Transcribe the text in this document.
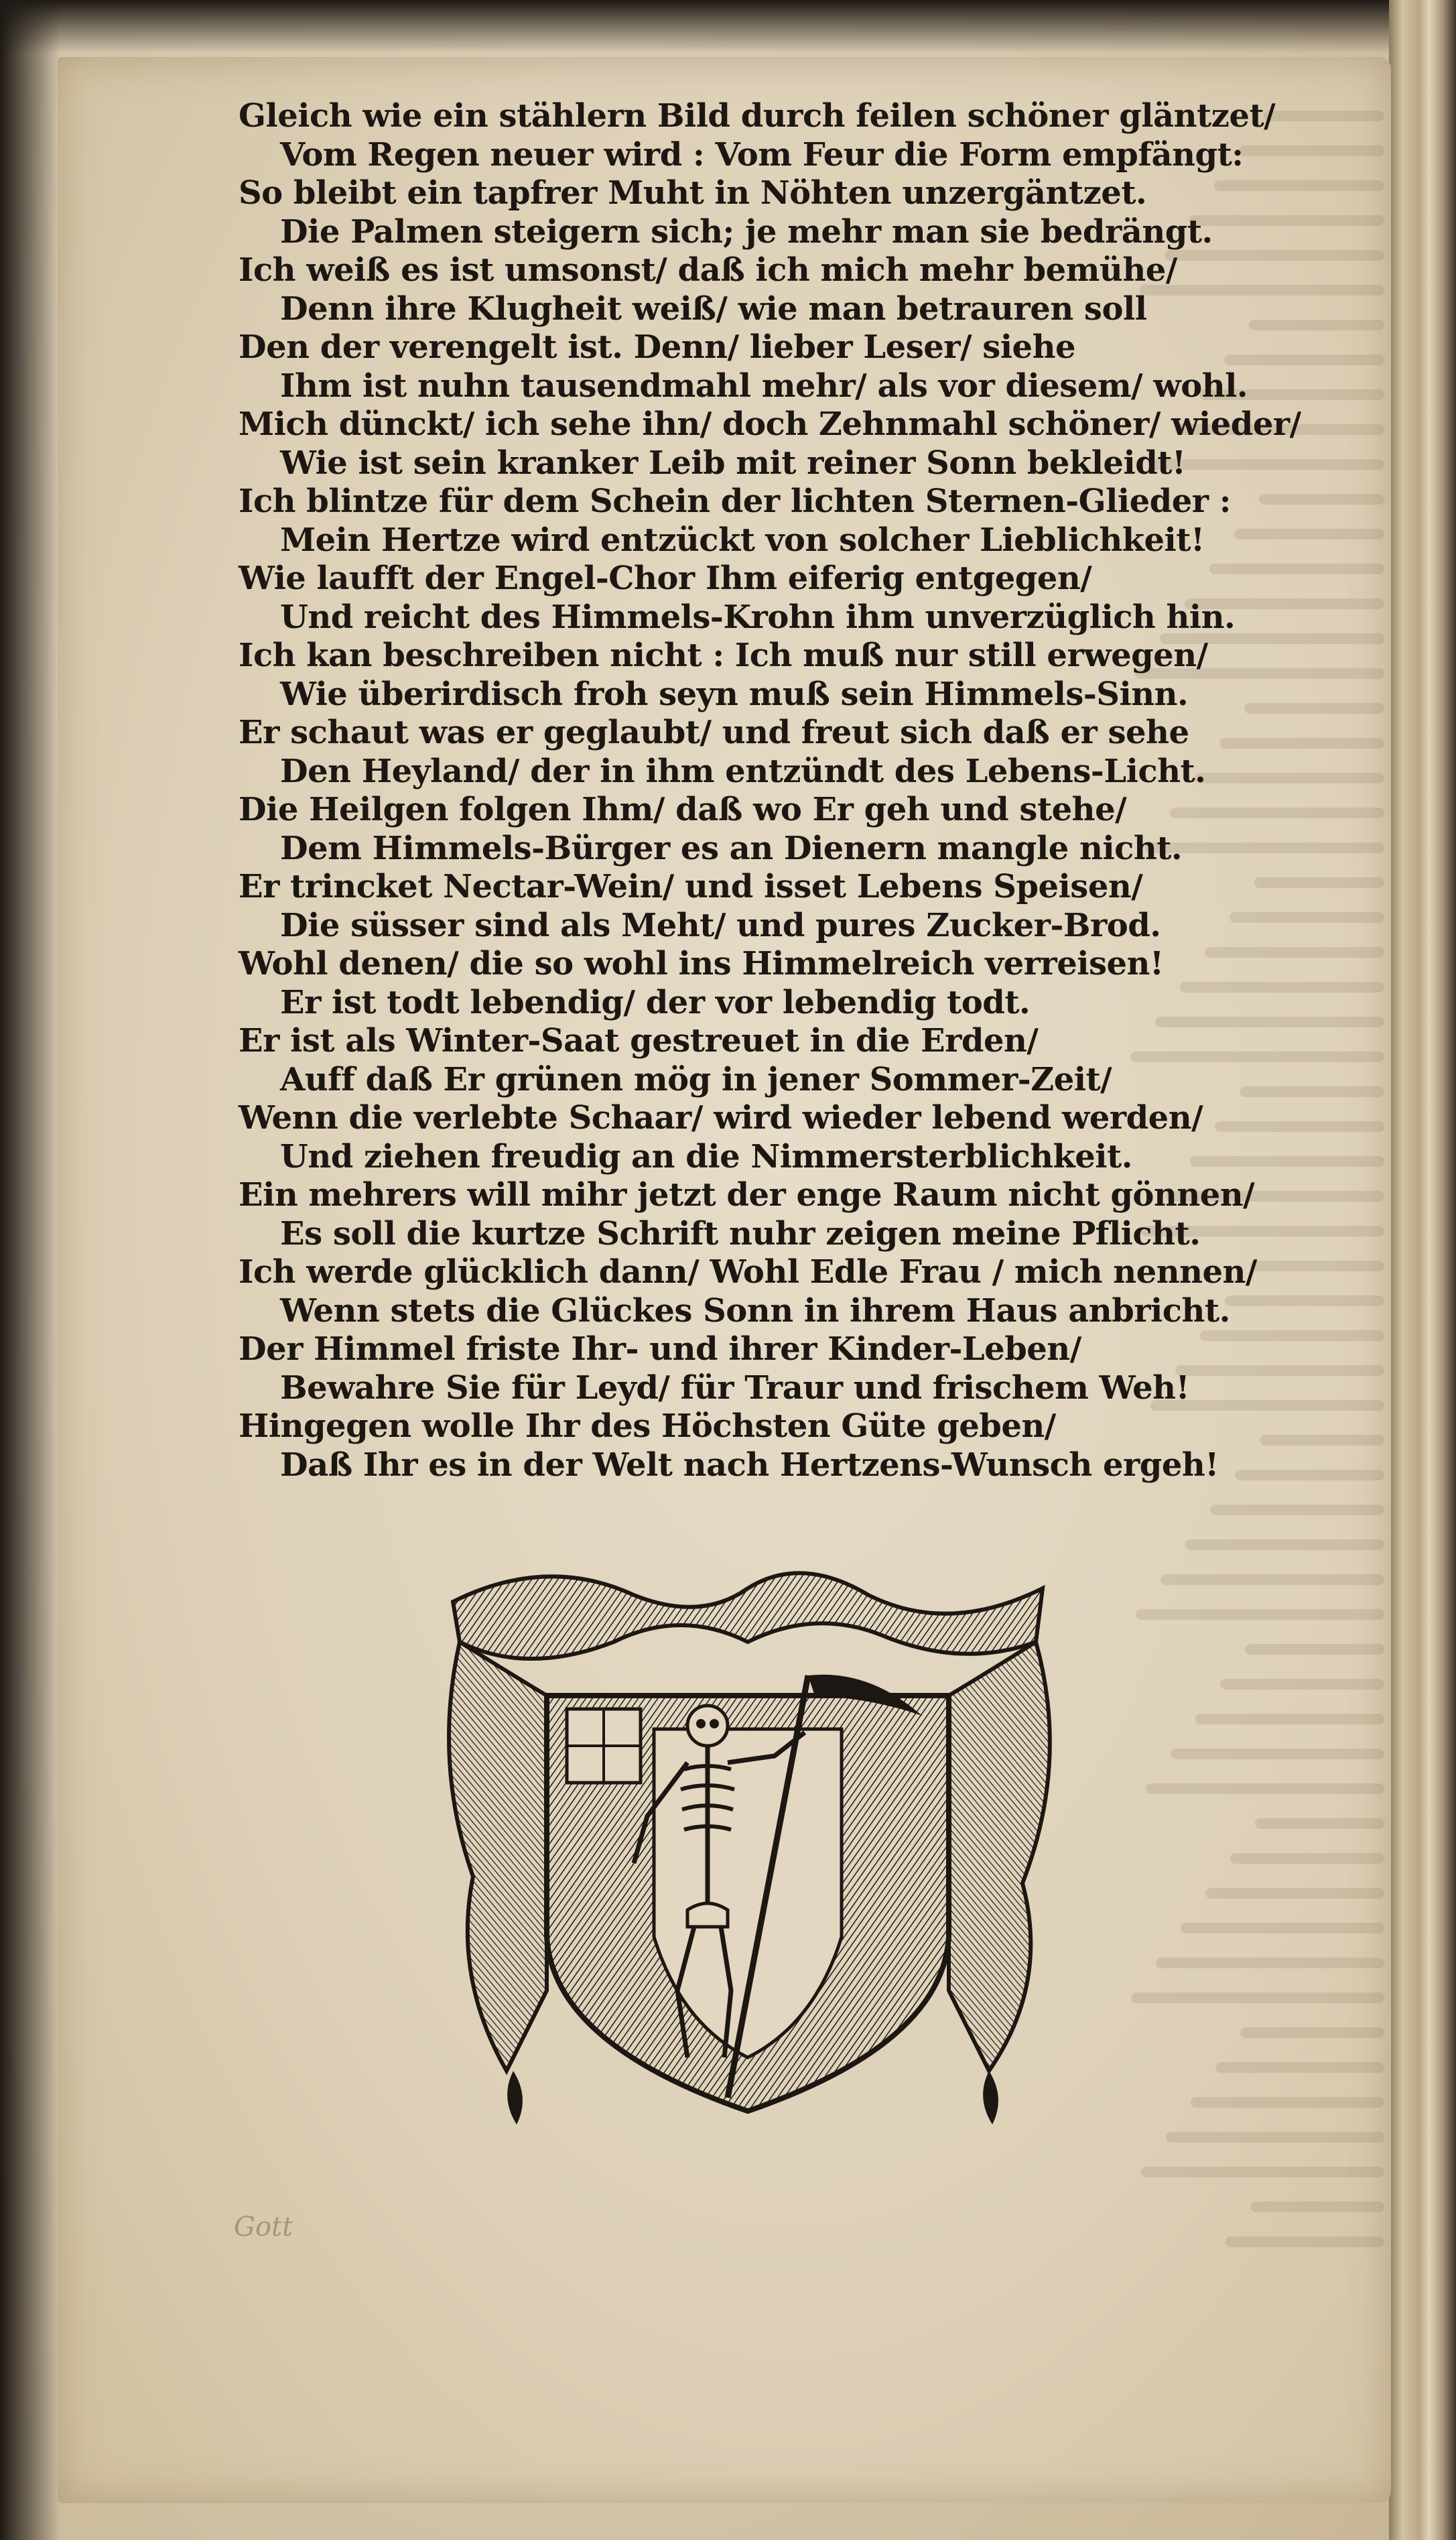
Gleich wie ein stählern Bild durch feilen schöner gläntzet/
Vom Regen neuer wird : Vom Feur die Form empfängt:
So bleibt ein tapfrer Muht in Nöhten unzergäntzet.
Die Palmen steigern sich; je mehr man sie bedrängt.
Ich weiß es ist umsonst/ daß ich mich mehr bemühe/
Denn ihre Klugheit weiß/ wie man betrauren soll
Den der verengelt ist. Denn/ lieber Leser/ siehe
Ihm ist nuhn tausendmahl mehr/ als vor diesem/ wohl.
Mich dünckt/ ich sehe ihn/ doch Zehnmahl schöner/ wieder/
Wie ist sein kranker Leib mit reiner Sonn bekleidt!
Ich blintze für dem Schein der lichten Sternen-Glieder :
Mein Hertze wird entzückt von solcher Lieblichkeit!
Wie laufft der Engel-Chor Ihm eiferig entgegen/
Und reicht des Himmels-Krohn ihm unverzüglich hin.
Ich kan beschreiben nicht : Ich muß nur still erwegen/
Wie überirdisch froh seyn muß sein Himmels-Sinn.
Er schaut was er geglaubt/ und freut sich daß er sehe
Den Heyland/ der in ihm entzündt des Lebens-Licht.
Die Heilgen folgen Ihm/ daß wo Er geh und stehe/
Dem Himmels-Bürger es an Dienern mangle nicht.
Er trincket Nectar-Wein/ und isset Lebens Speisen/
Die süsser sind als Meht/ und pures Zucker-Brod.
Wohl denen/ die so wohl ins Himmelreich verreisen!
Er ist todt lebendig/ der vor lebendig todt.
Er ist als Winter-Saat gestreuet in die Erden/
Auff daß Er grünen mög in jener Sommer-Zeit/
Wenn die verlebte Schaar/ wird wieder lebend werden/
Und ziehen freudig an die Nimmersterblichkeit.
Ein mehrers will mihr jetzt der enge Raum nicht gönnen/
Es soll die kurtze Schrift nuhr zeigen meine Pflicht.
Ich werde glücklich dann/ Wohl Edle Frau / mich nennen/
Wenn stets die Glückes Sonn in ihrem Haus anbricht.
Der Himmel friste Ihr- und ihrer Kinder-Leben/
Bewahre Sie für Leyd/ für Traur und frischem Weh!
Hingegen wolle Ihr des Höchsten Güte geben/
Daß Ihr es in der Welt nach Hertzens-Wunsch ergeh!
Gott
